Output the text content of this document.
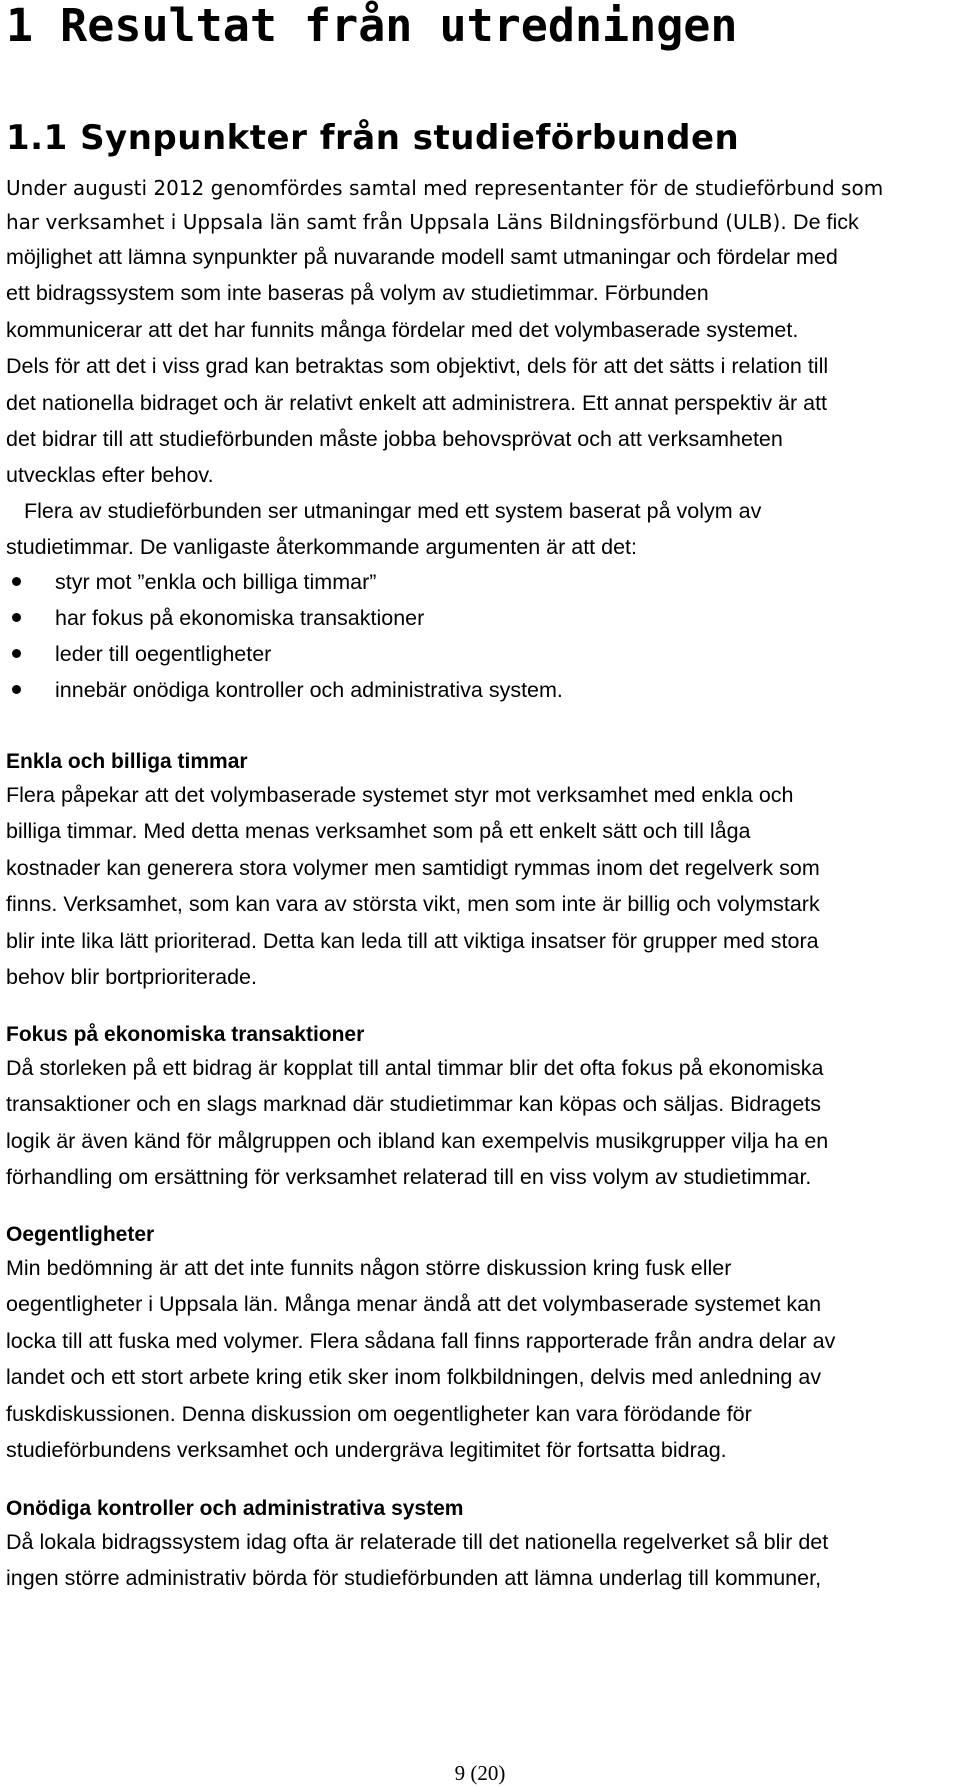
1 Resultat från utredningen
1.1 Synpunkter från studieförbunden
Under augusti 2012 genomfördes samtal med representanter för de studieförbund som
har verksamhet i Uppsala län samt från Uppsala Läns Bildningsförbund (ULB). De fick
möjlighet att lämna synpunkter på nuvarande modell samt utmaningar och fördelar med
ett bidragssystem som inte baseras på volym av studietimmar. Förbunden
kommunicerar att det har funnits många fördelar med det volymbaserade systemet.
Dels för att det i viss grad kan betraktas som objektivt, dels för att det sätts i relation till
det nationella bidraget och är relativt enkelt att administrera. Ett annat perspektiv är att
det bidrar till att studieförbunden måste jobba behovsprövat och att verksamheten
utvecklas efter behov.
Flera av studieförbunden ser utmaningar med ett system baserat på volym av
studietimmar. De vanligaste återkommande argumenten är att det:
styr mot ”enkla och billiga timmar”
har fokus på ekonomiska transaktioner
leder till oegentligheter
innebär onödiga kontroller och administrativa system.
Enkla och billiga timmar
Flera påpekar att det volymbaserade systemet styr mot verksamhet med enkla och
billiga timmar. Med detta menas verksamhet som på ett enkelt sätt och till låga
kostnader kan generera stora volymer men samtidigt rymmas inom det regelverk som
finns. Verksamhet, som kan vara av största vikt, men som inte är billig och volymstark
blir inte lika lätt prioriterad. Detta kan leda till att viktiga insatser för grupper med stora
behov blir bortprioriterade.
Fokus på ekonomiska transaktioner
Då storleken på ett bidrag är kopplat till antal timmar blir det ofta fokus på ekonomiska
transaktioner och en slags marknad där studietimmar kan köpas och säljas. Bidragets
logik är även känd för målgruppen och ibland kan exempelvis musikgrupper vilja ha en
förhandling om ersättning för verksamhet relaterad till en viss volym av studietimmar.
Oegentligheter
Min bedömning är att det inte funnits någon större diskussion kring fusk eller
oegentligheter i Uppsala län. Många menar ändå att det volymbaserade systemet kan
locka till att fuska med volymer. Flera sådana fall finns rapporterade från andra delar av
landet och ett stort arbete kring etik sker inom folkbildningen, delvis med anledning av
fuskdiskussionen. Denna diskussion om oegentligheter kan vara förödande för
studieförbundens verksamhet och undergräva legitimitet för fortsatta bidrag.
Onödiga kontroller och administrativa system
Då lokala bidragssystem idag ofta är relaterade till det nationella regelverket så blir det
ingen större administrativ börda för studieförbunden att lämna underlag till kommuner,
9 (20)
